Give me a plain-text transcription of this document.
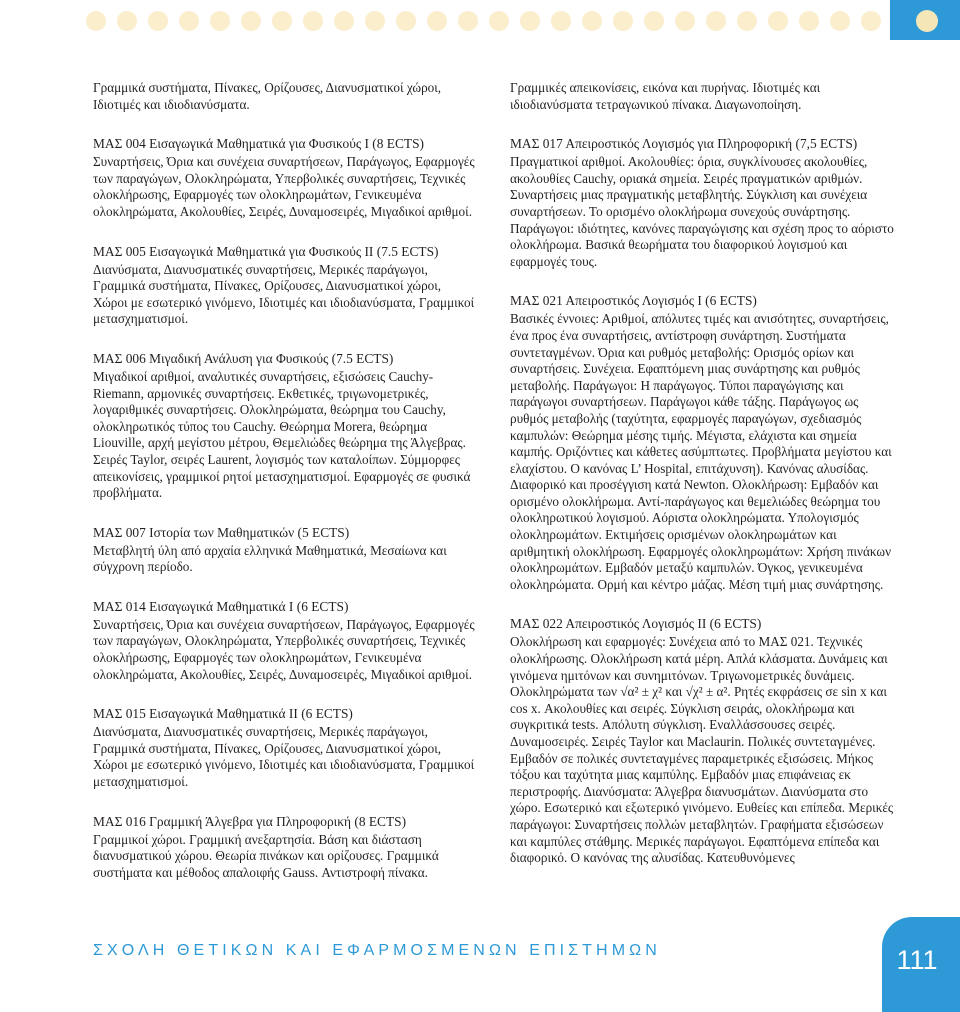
Γραμμικά συστήματα, Πίνακες, Ορίζουσες, Διανυσματικοί χώροι, Ιδιοτιμές και ιδιοδιανύσματα.

ΜΑΣ 004 Εισαγωγικά Μαθηματικά για Φυσικούς Ι (8 ECTS)

Συναρτήσεις, Όρια και συνέχεια συναρτήσεων, Παράγωγος, Εφαρμογές των παραγώγων, Ολοκληρώματα, Υπερβολικές συναρτήσεις, Τεχνικές ολοκλήρωσης, Εφαρμογές των ολοκληρωμάτων, Γενικευμένα ολοκληρώματα, Ακολουθίες, Σειρές, Δυναμοσειρές, Μιγαδικοί αριθμοί.

ΜΑΣ 005 Εισαγωγικά Μαθηματικά για Φυσικούς ΙΙ (7.5 ECTS)

Διανύσματα, Διανυσματικές συναρτήσεις, Μερικές παράγωγοι, Γραμμικά συστήματα, Πίνακες, Ορίζουσες, Διανυσματικοί χώροι, Χώροι με εσωτερικό γινόμενο, Ιδιοτιμές και ιδιοδιανύσματα, Γραμμικοί μετασχηματισμοί.

ΜΑΣ 006 Μιγαδική Ανάλυση για Φυσικούς (7.5 ECTS)

Μιγαδικοί αριθμοί, αναλυτικές συναρτήσεις, εξισώσεις Cauchy-Riemann, αρμονικές συναρτήσεις. Εκθετικές, τριγωνομετρικές, λογαριθμικές συναρτήσεις. Ολοκληρώματα, θεώρημα του Cauchy, ολοκληρωτικός τύπος του Cauchy. Θεώρημα Morera, θεώρημα Liouville, αρχή μεγίστου μέτρου, Θεμελιώδες θεώρημα της Άλγεβρας. Σειρές Taylor, σειρές Laurent, λογισμός των καταλοίπων. Σύμμορφες απεικονίσεις, γραμμικοί ρητοί μετασχηματισμοί. Εφαρμογές σε φυσικά προβλήματα.

ΜΑΣ 007 Ιστορία των Μαθηματικών (5 ECTS)

Μεταβλητή ύλη από αρχαία ελληνικά Μαθηματικά, Μεσαίωνα και σύγχρονη περίοδο.

ΜΑΣ 014 Εισαγωγικά Μαθηματικά Ι (6 ECTS)

Συναρτήσεις, Όρια και συνέχεια συναρτήσεων, Παράγωγος, Εφαρμογές των παραγώγων, Ολοκληρώματα, Υπερβολικές συναρτήσεις, Τεχνικές ολοκλήρωσης, Εφαρμογές των ολοκληρωμάτων, Γενικευμένα ολοκληρώματα, Ακολουθίες, Σειρές, Δυναμοσειρές, Μιγαδικοί αριθμοί.

ΜΑΣ 015 Εισαγωγικά Μαθηματικά ΙΙ (6 ECTS)

Διανύσματα, Διανυσματικές συναρτήσεις, Μερικές παράγωγοι, Γραμμικά συστήματα, Πίνακες, Ορίζουσες, Διανυσματικοί χώροι, Χώροι με εσωτερικό γινόμενο, Ιδιοτιμές και ιδιοδιανύσματα, Γραμμικοί μετασχηματισμοί.

ΜΑΣ 016 Γραμμική Άλγεβρα για Πληροφορική (8 ECTS)

Γραμμικοί χώροι. Γραμμική ανεξαρτησία. Βάση και διάσταση διανυσματικού χώρου. Θεωρία πινάκων και ορίζουσες. Γραμμικά συστήματα και μέθοδος απαλοιφής Gauss. Αντιστροφή πίνακα.

Γραμμικές απεικονίσεις, εικόνα και πυρήνας. Ιδιοτιμές και ιδιοδιανύσματα τετραγωνικού πίνακα. Διαγωνοποίηση.

ΜΑΣ 017 Απειροστικός Λογισμός για Πληροφορική (7,5 ECTS)

Πραγματικοί αριθμοί. Ακολουθίες: όρια, συγκλίνουσες ακολουθίες, ακολουθίες Cauchy, οριακά σημεία. Σειρές πραγματικών αριθμών. Συναρτήσεις μιας πραγματικής μεταβλητής. Σύγκλιση και συνέχεια συναρτήσεων. Το ορισμένο ολοκλήρωμα συνεχούς συνάρτησης. Παράγωγοι: ιδιότητες, κανόνες παραγώγισης και σχέση προς το αόριστο ολοκλήρωμα. Βασικά θεωρήματα του διαφορικού λογισμού και εφαρμογές τους.

ΜΑΣ 021 Απειροστικός Λογισμός Ι (6 ECTS)

Βασικές έννοιες: Αριθμοί, απόλυτες τιμές και ανισότητες, συναρτήσεις, ένα προς ένα συναρτήσεις, αντίστροφη συνάρτηση. Συστήματα συντεταγμένων. Όρια και ρυθμός μεταβολής: Ορισμός ορίων και συναρτήσεις. Συνέχεια. Εφαπτόμενη μιας συνάρτησης και ρυθμός μεταβολής. Παράγωγοι: Η παράγωγος. Τύποι παραγώγισης και παράγωγοι συναρτήσεων. Παράγωγοι κάθε τάξης. Παράγωγος ως ρυθμός μεταβολής (ταχύτητα, εφαρμογές παραγώγων, σχεδιασμός καμπυλών: Θεώρημα μέσης τιμής. Μέγιστα, ελάχιστα και σημεία καμπής. Οριζόντιες και κάθετες ασύμπτωτες. Προβλήματα μεγίστου και ελαχίστου. Ο κανόνας L’ Hospital, επιτάχυνση). Κανόνας αλυσίδας. Διαφορικό και προσέγγιση κατά Newton. Ολοκλήρωση: Εμβαδόν και ορισμένο ολοκλήρωμα. Αντί-παράγωγος και θεμελιώδες θεώρημα του ολοκληρωτικού λογισμού. Αόριστα ολοκληρώματα. Υπολογισμός ολοκληρωμάτων. Εκτιμήσεις ορισμένων ολοκληρωμάτων και αριθμητική ολοκλήρωση. Εφαρμογές ολοκληρωμάτων: Χρήση πινάκων ολοκληρωμάτων. Εμβαδόν μεταξύ καμπυλών. Όγκος, γενικευμένα ολοκληρώματα. Ορμή και κέντρο μάζας. Μέση τιμή μιας συνάρτησης.

ΜΑΣ 022 Απειροστικός Λογισμός ΙΙ (6 ECTS)

Ολοκλήρωση και εφαρμογές: Συνέχεια από το ΜΑΣ 021. Τεχνικές ολοκλήρωσης. Ολοκλήρωση κατά μέρη. Απλά κλάσματα. Δυνάμεις και γινόμενα ημιτόνων και συνημιτόνων. Τριγωνομετρικές δυνάμεις. Ολοκληρώματα των √α² ± χ² και √χ² ± α². Ρητές εκφράσεις σε sin x και cos x. Ακολουθίες και σειρές. Σύγκλιση σειράς, ολοκλήρωμα και συγκριτικά tests. Απόλυτη σύγκλιση. Εναλλάσσουσες σειρές. Δυναμοσειρές. Σειρές Taylor και Maclaurin. Πολικές συντεταγμένες. Εμβαδόν σε πολικές συντεταγμένες παραμετρικές εξισώσεις. Μήκος τόξου και ταχύτητα μιας καμπύλης. Εμβαδόν μιας επιφάνειας εκ περιστροφής. Διανύσματα: Άλγεβρα διανυσμάτων. Διανύσματα στο χώρο. Εσωτερικό και εξωτερικό γινόμενο. Ευθείες και επίπεδα. Μερικές παράγωγοι: Συναρτήσεις πολλών μεταβλητών. Γραφήματα εξισώσεων και καμπύλες στάθμης. Μερικές παράγωγοι. Εφαπτόμενα επίπεδα και διαφορικό. Ο κανόνας της αλυσίδας. Κατευθυνόμενες

ΣΧΟΛΗ ΘΕΤΙΚΩΝ ΚΑΙ ΕΦΑΡΜΟΣΜΕΝΩΝ ΕΠΙΣΤΗΜΩΝ	111
